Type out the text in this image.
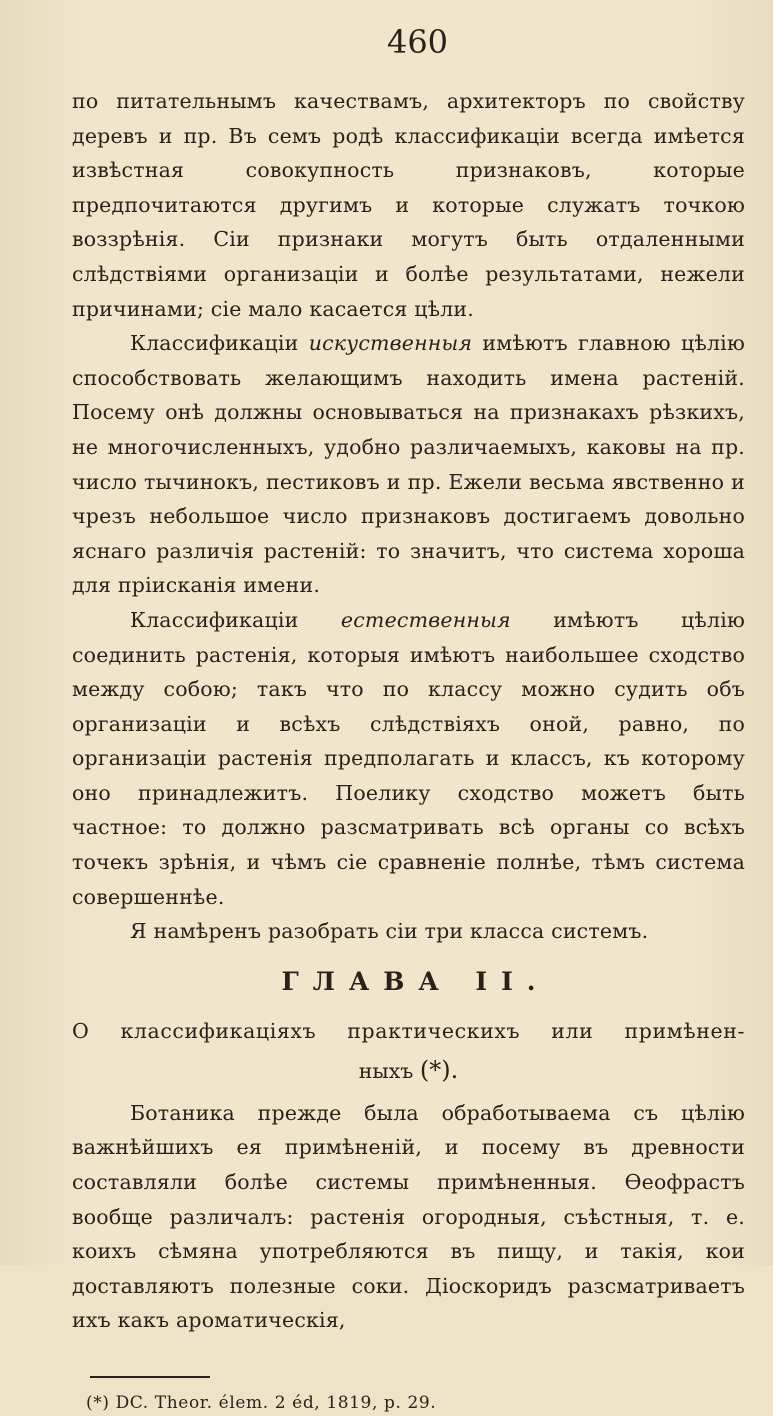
460

по питательнымъ качествамъ, архитекторъ по свойству деревъ и пр. Въ семъ родѣ классификаціи всегда имѣется извѣстная совокупность признаковъ, которые предпочитаются другимъ и которые служатъ точкою воззрѣнія. Сіи признаки могутъ быть отдаленными слѣдствіями организаціи и болѣе результатами, нежели причинами; сіе мало касается цѣли.

Классификаціи искуственныя имѣютъ главною цѣлію способствовать желающимъ находить имена растеній. Посему онѣ должны основываться на признакахъ рѣзкихъ, не многочисленныхъ, удобно различаемыхъ, каковы на пр. число тычинокъ, пестиковъ и пр. Ежели весьма явственно и чрезъ небольшое число признаковъ достигаемъ довольно яснаго различія растеній: то значитъ, что система хороша для пріисканія имени.

Классификаціи естественныя имѣютъ цѣлію соединить растенія, которыя имѣютъ наибольшее сходство между собою; такъ что по классу можно судить объ организаціи и всѣхъ слѣдствіяхъ оной, равно, по организаціи растенія предполагать и классъ, къ которому оно принадлежитъ. Поелику сходство можетъ быть частное: то должно разсматривать всѣ органы со всѣхъ точекъ зрѣнія, и чѣмъ сіе сравненіе полнѣе, тѣмъ система совершеннѣе.

Я намѣренъ разобрать сіи три класса системъ.

ГЛАВА II.

О классификаціяхъ практическихъ или примѣнен-

ныхъ (*).

Ботаника прежде была обработываема съ цѣлію важнѣйшихъ ея примѣненій, и посему въ древности составляли болѣе системы примѣненныя. Ѳеофрастъ вообще различалъ: растенія огородныя, съѣстныя, т. е. коихъ сѣмяна употребляются въ пищу, и такія, кои доставляютъ полезные соки. Діоскоридъ разсматриваетъ ихъ какъ ароматическія,

(*) DC. Theor. élem. 2 éd, 1819, p. 29.
